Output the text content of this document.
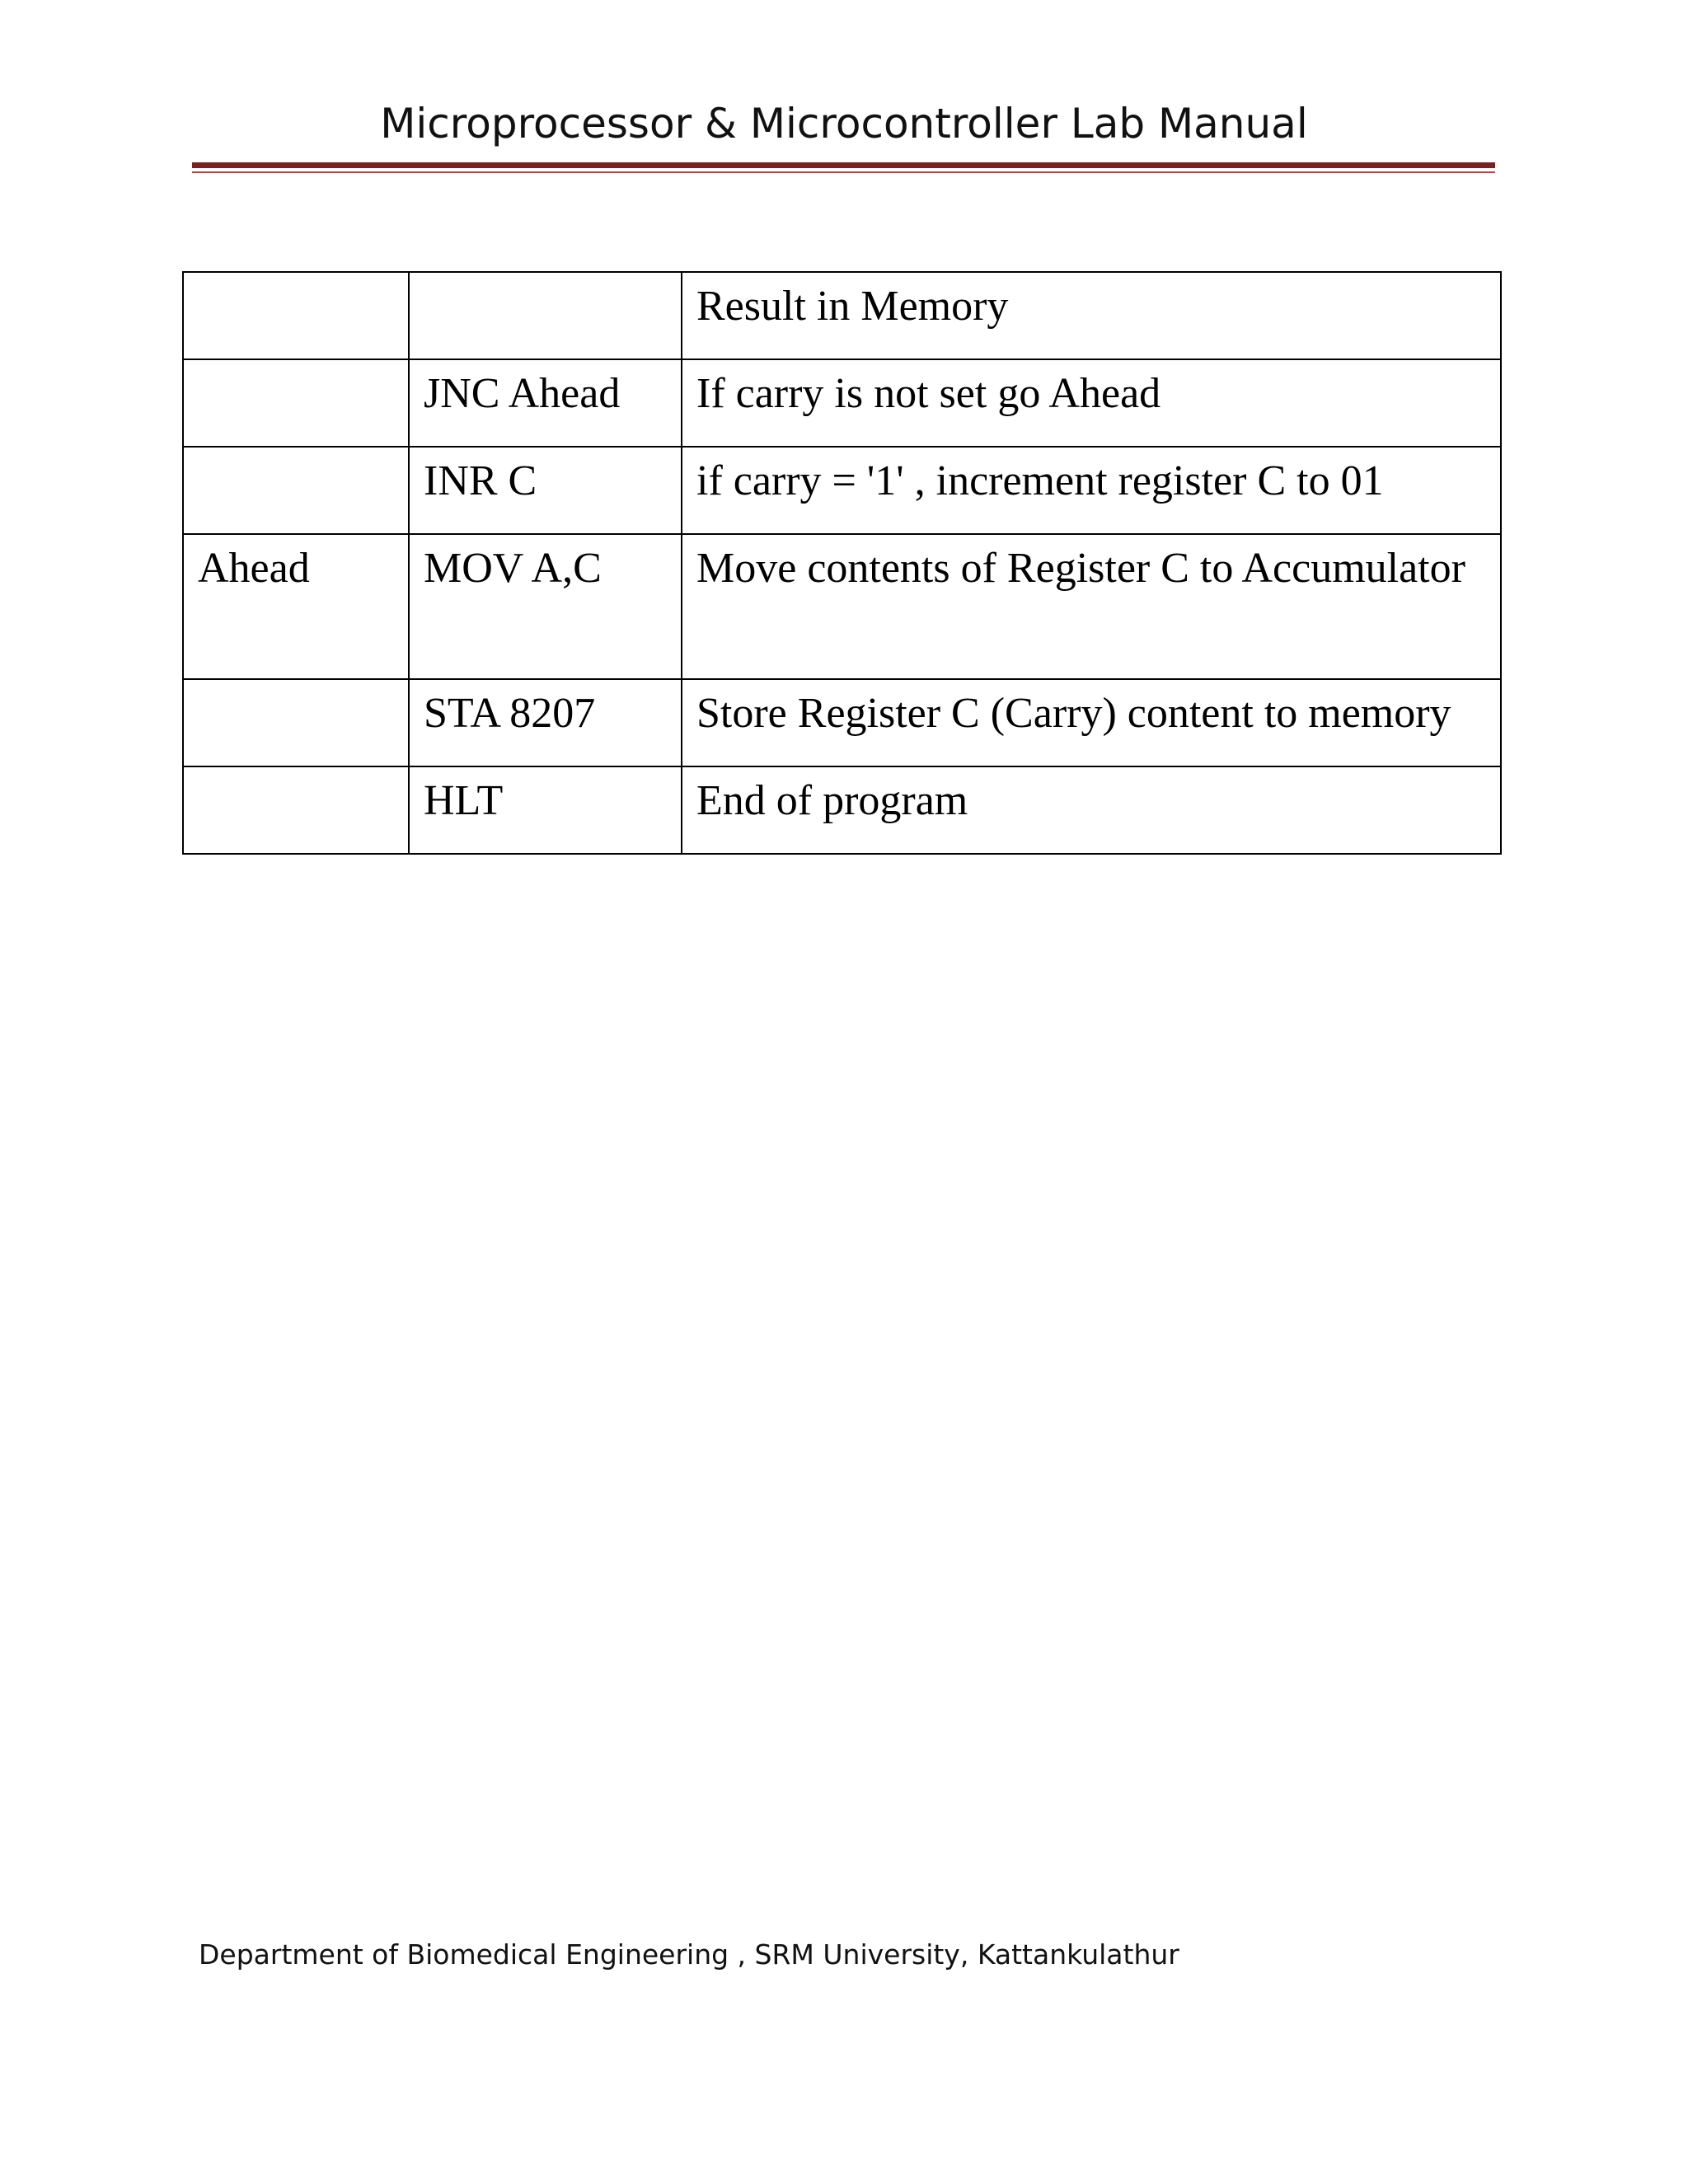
Microprocessor & Microcontroller Lab Manual
		Result in Memory
	JNC Ahead	If carry is not set go Ahead
	INR C	if carry = '1' , increment register C to 01
Ahead	MOV A,C	Move contents of Register C to Accumulator
	STA 8207	Store Register C (Carry) content to memory
	HLT	End of program
Department of Biomedical Engineering , SRM University, Kattankulathur
